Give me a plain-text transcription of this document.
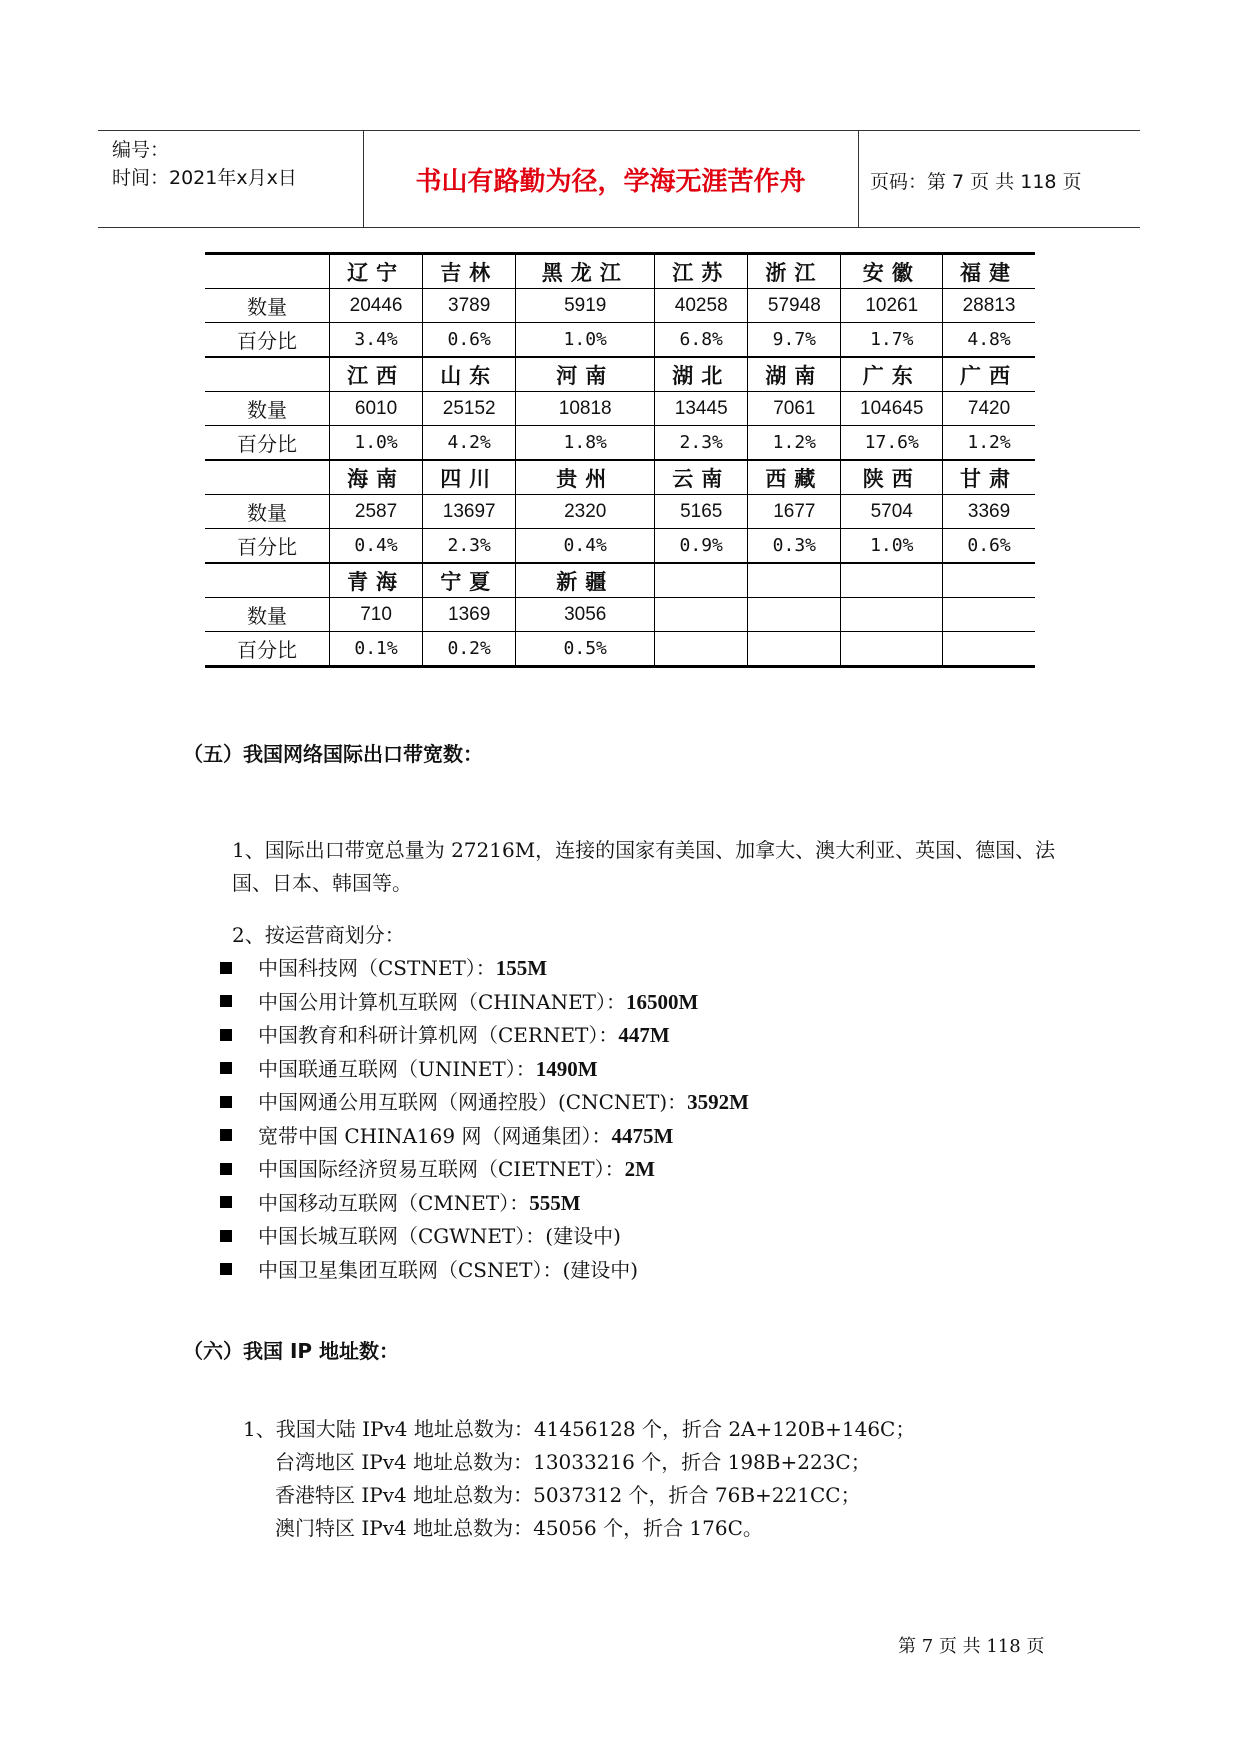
编号：
时间：2021年x月x日	书山有路勤为径，学海无涯苦作舟	页码：第 7 页 共 118 页
	辽宁	吉林	黑龙江	江苏	浙江	安徽	福建
数量	20446	3789	5919	40258	57948	10261	28813
百分比	3.4%	0.6%	1.0%	6.8%	9.7%	1.7%	4.8%
	江西	山东	河南	湖北	湖南	广东	广西
数量	6010	25152	10818	13445	7061	104645	7420
百分比	1.0%	4.2%	1.8%	2.3%	1.2%	17.6%	1.2%
	海南	四川	贵州	云南	西藏	陕西	甘肃
数量	2587	13697	2320	5165	1677	5704	3369
百分比	0.4%	2.3%	0.4%	0.9%	0.3%	1.0%	0.6%
	青海	宁夏	新疆				
数量	710	1369	3056				
百分比	0.1%	0.2%	0.5%				
（五）我国网络国际出口带宽数：
1、国际出口带宽总量为 27216M，连接的国家有美国、加拿大、澳大利亚、英国、德国、法国、日本、韩国等。
2、按运营商划分：
中国科技网（CSTNET）：155M
中国公用计算机互联网（CHINANET）：16500M
中国教育和科研计算机网（CERNET）：447M
中国联通互联网（UNINET）：1490M
中国网通公用互联网（网通控股）(CNCNET)：3592M
宽带中国 CHINA169 网（网通集团）：4475M
中国国际经济贸易互联网（CIETNET）：2M
中国移动互联网（CMNET）：555M
中国长城互联网（CGWNET）：(建设中)
中国卫星集团互联网（CSNET）：(建设中)
（六）我国 IP 地址数：
1、我国大陆 IPv4 地址总数为：41456128 个，折合 2A+120B+146C；
台湾地区 IPv4 地址总数为：13033216 个，折合 198B+223C；
香港特区 IPv4 地址总数为：5037312 个，折合 76B+221CC；
澳门特区 IPv4 地址总数为：45056 个，折合 176C。
第 7 页 共 118 页
